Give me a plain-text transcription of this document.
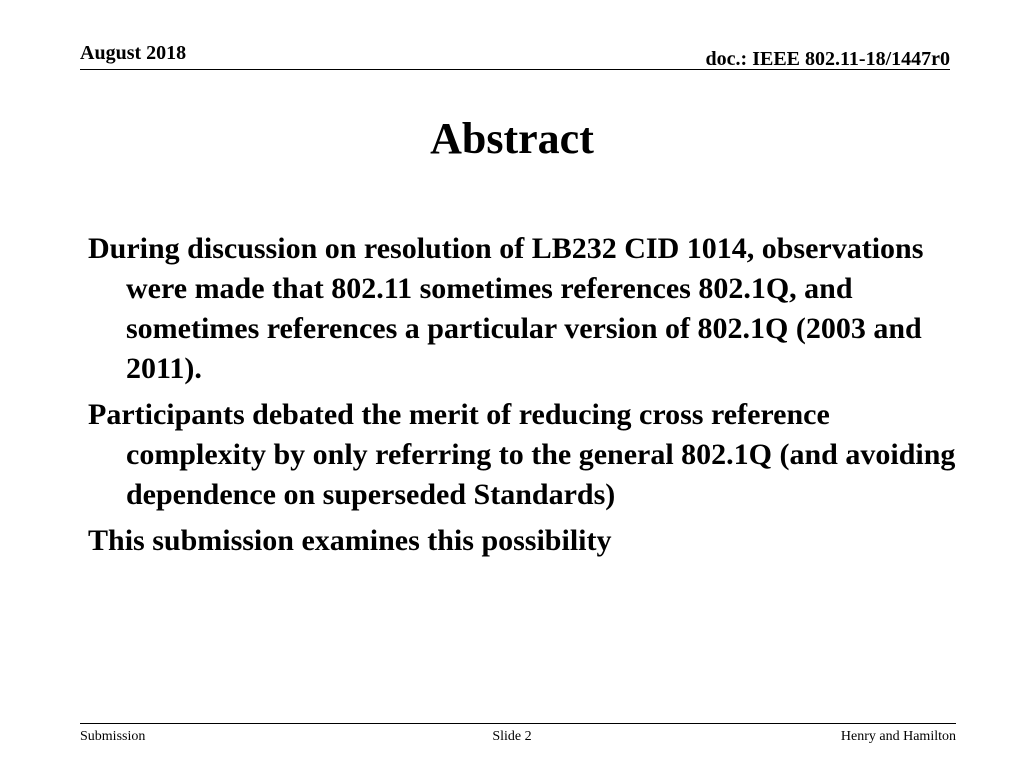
August 2018	doc.: IEEE 802.11-18/1447r0
Abstract
During discussion on resolution of LB232 CID 1014, observations were made that 802.11 sometimes references 802.1Q, and sometimes references a particular version of 802.1Q (2003 and 2011).
Participants debated the merit of reducing cross reference complexity by only referring to the general 802.1Q (and avoiding dependence on superseded Standards)
This submission examines this possibility
Submission	Slide 2	Henry and Hamilton
